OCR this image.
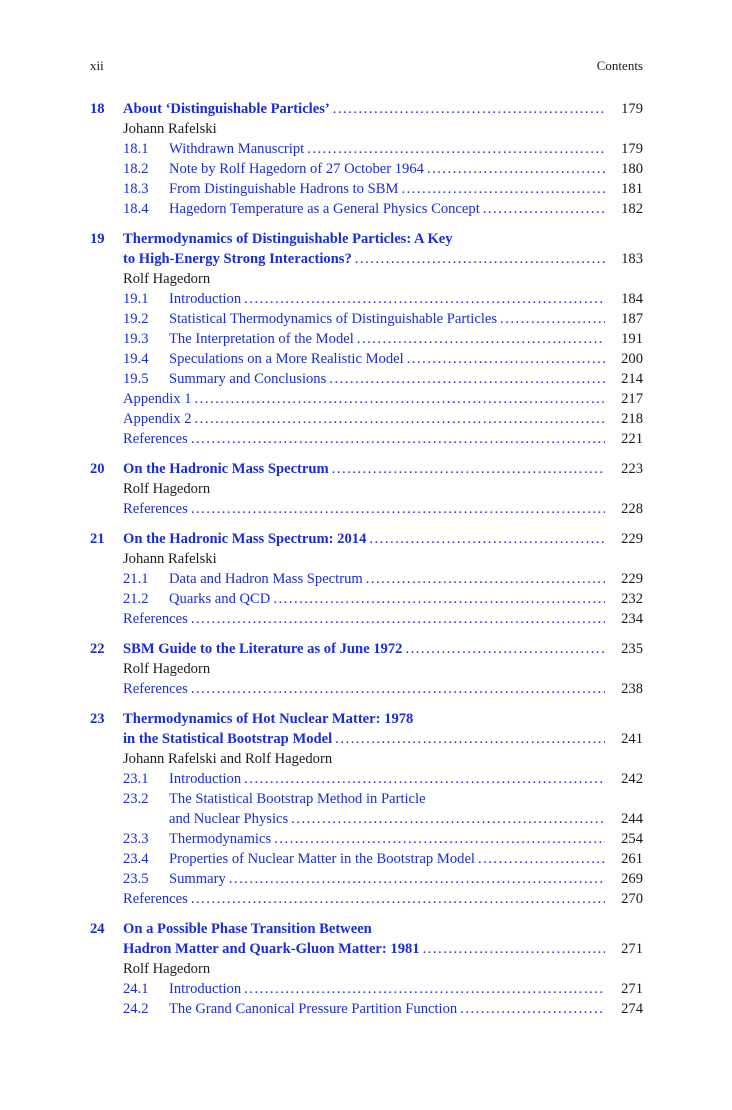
xii	Contents
18 About ‘Distinguishable Particles’ .....	179
Johann Rafelski
18.1 Withdrawn Manuscript .....	179
18.2 Note by Rolf Hagedorn of 27 October 1964 .....	180
18.3 From Distinguishable Hadrons to SBM .....	181
18.4 Hagedorn Temperature as a General Physics Concept .....	182
19 Thermodynamics of Distinguishable Particles: A Key
to High-Energy Strong Interactions? .....	183
Rolf Hagedorn
19.1 Introduction .....	184
19.2 Statistical Thermodynamics of Distinguishable Particles .....	187
19.3 The Interpretation of the Model .....	191
19.4 Speculations on a More Realistic Model .....	200
19.5 Summary and Conclusions .....	214
Appendix 1 .....	217
Appendix 2 .....	218
References .....	221
20 On the Hadronic Mass Spectrum .....	223
Rolf Hagedorn
References .....	228
21 On the Hadronic Mass Spectrum: 2014 .....	229
Johann Rafelski
21.1 Data and Hadron Mass Spectrum .....	229
21.2 Quarks and QCD .....	232
References .....	234
22 SBM Guide to the Literature as of June 1972 .....	235
Rolf Hagedorn
References .....	238
23 Thermodynamics of Hot Nuclear Matter: 1978
in the Statistical Bootstrap Model .....	241
Johann Rafelski and Rolf Hagedorn
23.1 Introduction .....	242
23.2 The Statistical Bootstrap Method in Particle
and Nuclear Physics .....	244
23.3 Thermodynamics .....	254
23.4 Properties of Nuclear Matter in the Bootstrap Model .....	261
23.5 Summary .....	269
References .....	270
24 On a Possible Phase Transition Between
Hadron Matter and Quark-Gluon Matter: 1981 .....	271
Rolf Hagedorn
24.1 Introduction .....	271
24.2 The Grand Canonical Pressure Partition Function .....	274
